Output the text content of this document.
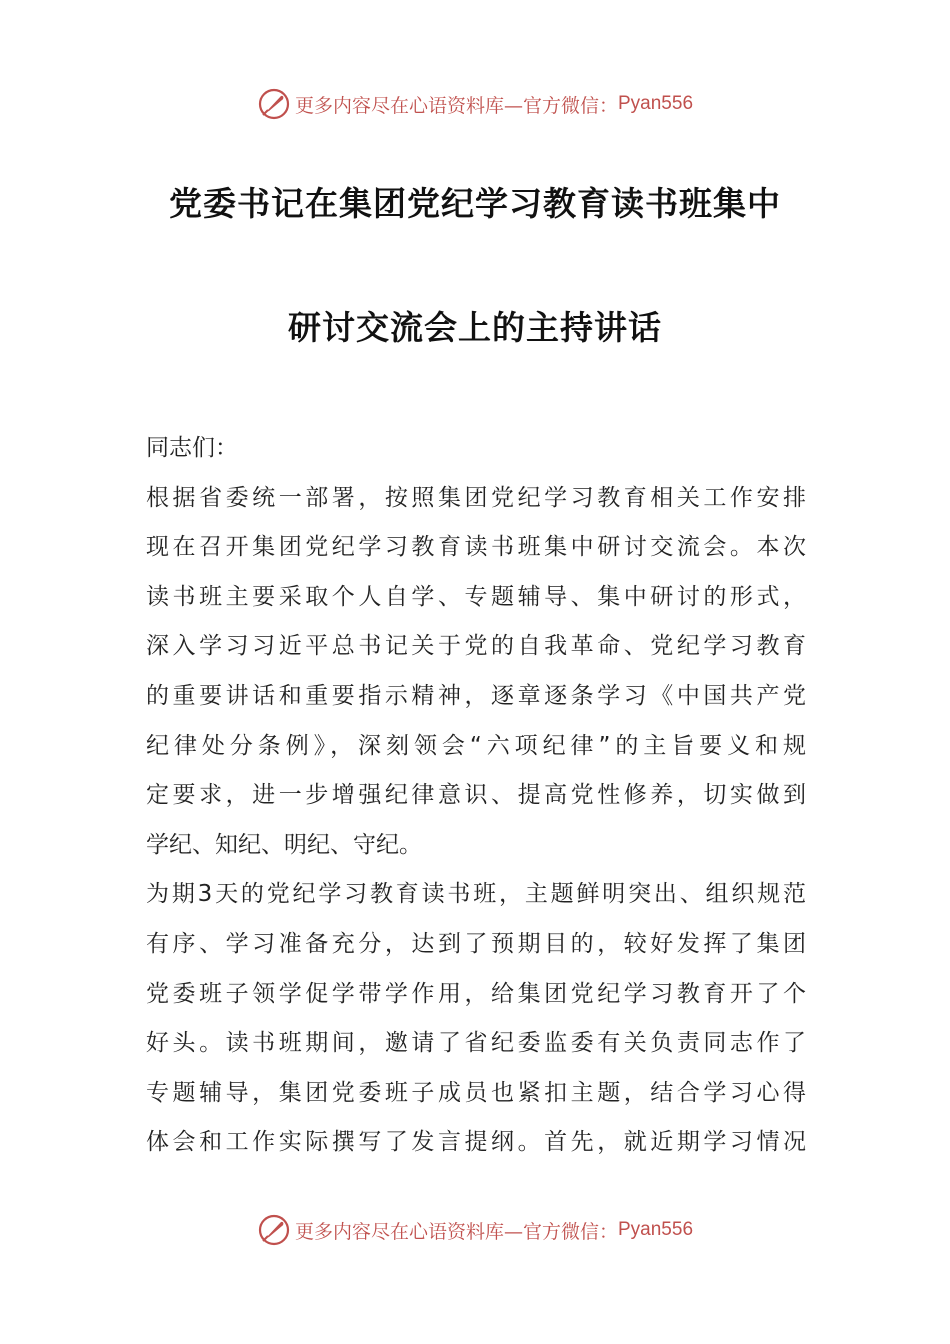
更多内容尽在心语资料库—官方微信： Pyan556
党委书记在集团党纪学习教育读书班集中
研讨交流会上的主持讲话
同志们：
根据省委统一部署，按照集团党纪学习教育相关工作安排
现在召开集团党纪学习教育读书班集中研讨交流会。本次
读书班主要采取个人自学、专题辅导、集中研讨的形式，
深入学习习近平总书记关于党的自我革命、党纪学习教育
的重要讲话和重要指示精神，逐章逐条学习《中国共产党
纪律处分条例》，深刻领会“六项纪律”的主旨要义和规
定要求，进一步增强纪律意识、提高党性修养，切实做到
学纪、知纪、明纪、守纪。
为期3天的党纪学习教育读书班，主题鲜明突出、组织规范
有序、学习准备充分，达到了预期目的，较好发挥了集团
党委班子领学促学带学作用，给集团党纪学习教育开了个
好头。读书班期间，邀请了省纪委监委有关负责同志作了
专题辅导，集团党委班子成员也紧扣主题，结合学习心得
体会和工作实际撰写了发言提纲。首先，就近期学习情况
更多内容尽在心语资料库—官方微信： Pyan556
